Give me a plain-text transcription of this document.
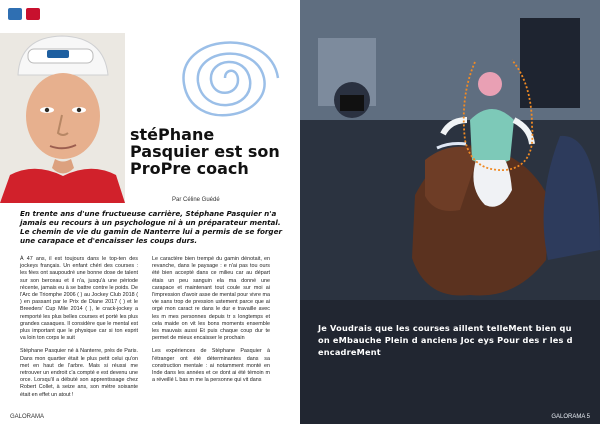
stéPhane Pasquier est son ProPre coach
Par Céline Guédé
En trente ans d'une fructueuse carrière, Stéphane Pasquier n'a jamais eu recours à un psychologue ni à un préparateur mental. Le chemin de vie du gamin de Nanterre lui a permis de se forger une carapace et d'encaisser les coups durs.

À 47 ans, il est toujours dans le top-ten des jockeys français. Un enfant chéri des courses : les fées ont saupoudré une bonne dose de talent sur son berceau et il n'a, jusqu'à une période récente, jamais eu à se battre contre le poids. De l'Arc de Triomphe 2006 ( ) au Jockey Club 2018 ( ) en passant par le Prix de Diane 2017 ( ) et le Breeders' Cup Mile 2014 ( ), le crack-jockey a remporté les plus belles courses et porté les plus grandes casaques. Il considère que le mental est plus important que le physique car si ton esprit va loin ton corps le suit

Stéphane Pasquier né à Nanterre, près de Paris. Dans mon quartier était le plus petit celui qu'on met en haut de l'arbre. Mais si réussi me retrouver un endroit c'a compté e est devenu une orce. Lorsqu'il a débuté son apprentissage chez Robert Collet, à seize ans, son mètre soixante était en effet un atout !

Le caractère bien trempé du gamin dénotait, en revanche, dans le paysage : e n'ai pas tou ours été bien accepté dans ce milieu car au départ étais un peu sanguin ela ma donné une carapace et maintenant tout coule sur moi ai l'impression d'avoir asse de mental pour vivre ma vie sans trop de pression ustement parce que ai orgé mon caract re dans le dur e travaille avec les m mes personnes depuis tr s longtemps et cela maide on vit les bons moments ensemble les mauvais aussi Et puis chaque coup dur te permet de mieux encaisser le prochain

Les expériences de Stéphane Pasquier à l'étranger ont été déterminantes dans sa construction mentale : ai notamment monté en Inde dans les années et ce dont ai été témoin m a réveillé L bas m me la personne qui vit dans

GALORAMA
Je Voudrais que les courses aillent telleMent bien qu on eMbauche Plein d anciens Joc eys Pour des r les d encadreMent
GALORAMA 5
